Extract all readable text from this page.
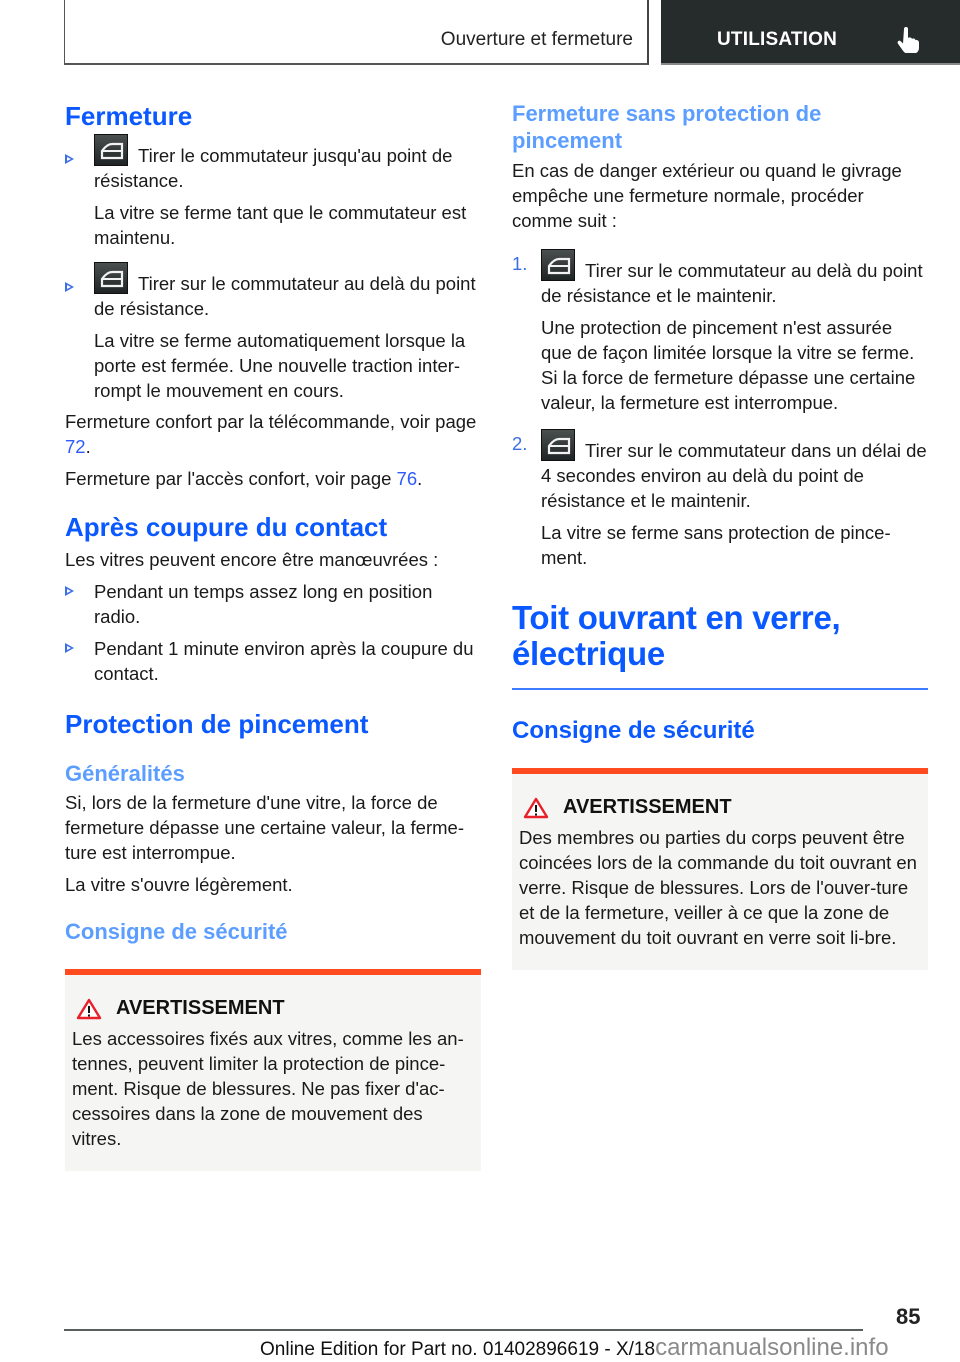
Ouverture et fermeture	UTILISATION
Fermeture

Tirer le commutateur jusqu'au point de résistance.

La vitre se ferme tant que le commutateur est maintenu.

Tirer sur le commutateur au delà du point de résistance.

La vitre se ferme automatiquement lorsque la porte est fermée. Une nouvelle traction inter-rompt le mouvement en cours.

Fermeture confort par la télécommande, voir page 72.

Fermeture par l'accès confort, voir page 76.

Après coupure du contact

Les vitres peuvent encore être manœuvrées :

Pendant un temps assez long en position radio.

Pendant 1 minute environ après la coupure du contact.

Protection de pincement
Généralités

Si, lors de la fermeture d'une vitre, la force de fermeture dépasse une certaine valeur, la ferme-ture est interrompue.

La vitre s'ouvre légèrement.

Consigne de sécurité
AVERTISSEMENT

Les accessoires fixés aux vitres, comme les an-tennes, peuvent limiter la protection de pince-ment. Risque de blessures. Ne pas fixer d'ac-cessoires dans la zone de mouvement des vitres.

Fermeture sans protection de pincement

En cas de danger extérieur ou quand le givrage empêche une fermeture normale, procéder comme suit :

1.	Tirer sur le commutateur au delà du point de résistance et le maintenir.

Une protection de pincement n'est assurée que de façon limitée lorsque la vitre se ferme. Si la force de fermeture dépasse une certaine valeur, la fermeture est interrompue.

2.	Tirer sur le commutateur dans un délai de 4 secondes environ au delà du point de résistance et le maintenir.

La vitre se ferme sans protection de pince-ment.

Toit ouvrant en verre, électrique
Consigne de sécurité
AVERTISSEMENT

Des membres ou parties du corps peuvent être coincées lors de la commande du toit ouvrant en verre. Risque de blessures. Lors de l'ouver-ture et de la fermeture, veiller à ce que la zone de mouvement du toit ouvrant en verre soit li-bre.

85
Online Edition for Part no. 01402896619 - X/18carmanualsonline.info
